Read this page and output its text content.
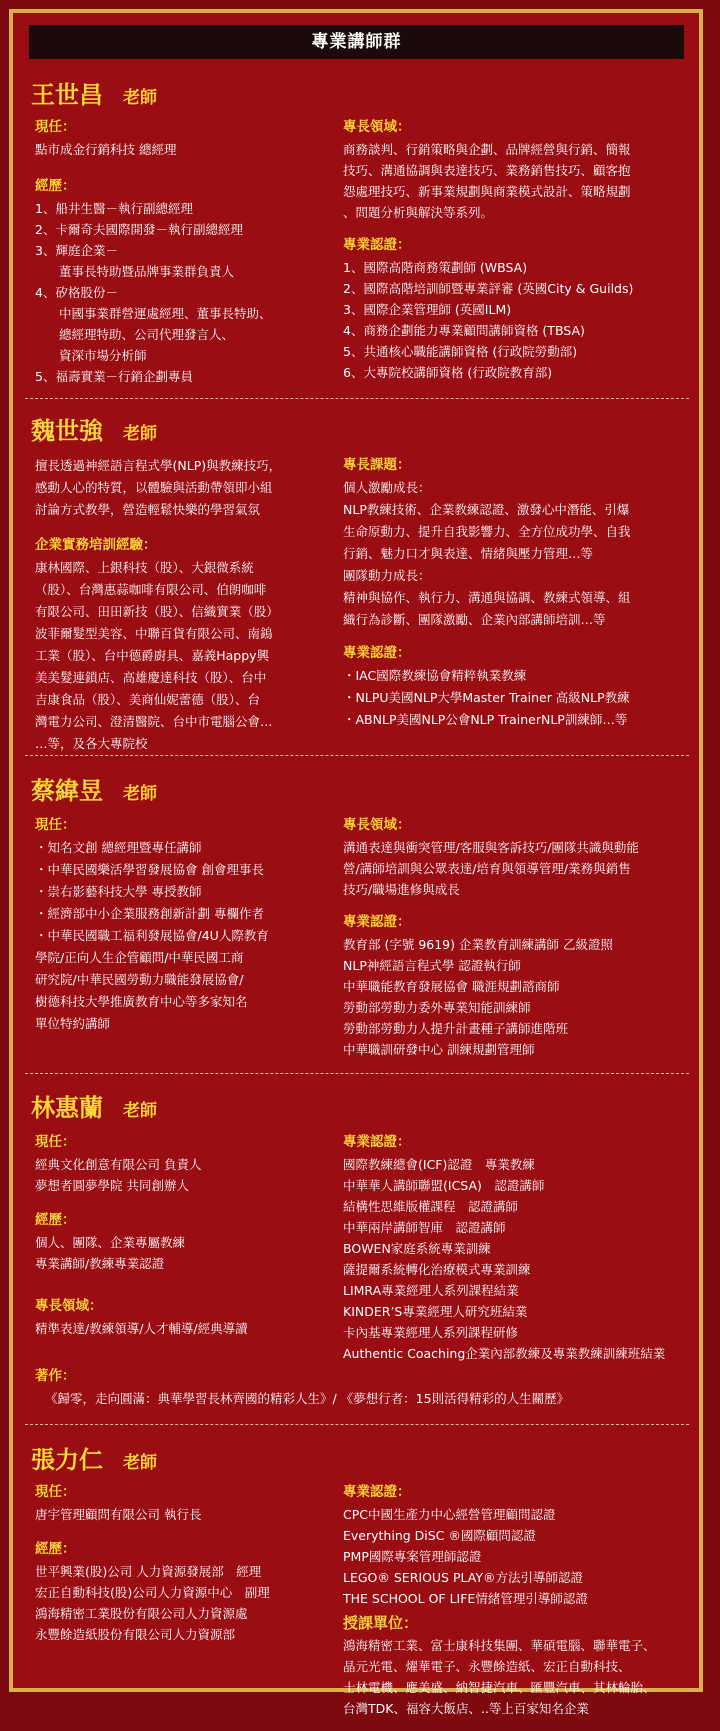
專業講師群
王世昌 老師
現任：
點市成金行銷科技 總經理
經歷：
1、船井生醫－執行副總經理
2、卡爾奇夫國際開發－執行副總經理
3、輝庭企業－
董事長特助暨品牌事業群負責人
4、矽格股份－
中國事業群營運處經理、董事長特助、
總經理特助、公司代理發言人、
資深市場分析師
5、福壽實業－行銷企劃專員
專長領域：
商務談判、行銷策略與企劃、品牌經營與行銷、簡報
技巧、溝通協調與表達技巧、業務銷售技巧、顧客抱
怨處理技巧、新事業規劃與商業模式設計、策略規劃
、問題分析與解決等系列。
專業認證：
1、國際高階商務策劃師 (WBSA)
2、國際高階培訓師暨專業評審 (英國City & Guilds)
3、國際企業管理師 (英國ILM)
4、商務企劃能力專業顧問講師資格 (TBSA)
5、共通核心職能講師資格 (行政院勞動部)
6、大專院校講師資格 (行政院教育部)
魏世強 老師
擅長透過神經語言程式學(NLP)與教練技巧，
感動人心的特質，以體驗與活動帶領即小組
討論方式教學，營造輕鬆快樂的學習氣氛
企業實務培訓經驗：
康林國際、上銀科技（股）、大銀微系統
（股）、台灣惠蒜咖啡有限公司、伯朗咖啡
有限公司、田田新技（股）、信織實業（股）
波菲爾髮型美容、中聯百貨有限公司、南鎢
工業（股）、台中德爵廚具、嘉義Happy興
美美髮連鎖店、高雄慶達科技（股）、台中
吉康食品（股）、美商仙妮蕾德（股）、台
灣電力公司、澄清醫院、台中市電腦公會…
…等，及各大專院校
專長課題：
個人激勵成長：
NLP教練技術、企業教練認證、激發心中潛能、引爆
生命原動力、提升自我影響力、全方位成功學、自我
行銷、魅力口才與表達、情緒與壓力管理…等
團隊動力成長：
精神與協作、執行力、溝通與協調、教練式領導、組
織行為診斷、團隊激勵、企業內部講師培訓…等
專業認證：
・IAC國際教練協會精粹執業教練
・NLPU美國NLP大學Master Trainer 高級NLP教練
・ABNLP美國NLP公會NLP TrainerNLP訓練師…等
蔡緯昱 老師
現任：
・知名文創 總經理暨專任講師
・中華民國樂活學習發展協會 創會理事長
・崇右影藝科技大學 專授教師
・經濟部中小企業服務創新計劃 專欄作者
・中華民國職工福利發展協會/4U人際教育
學院/正向人生企管顧問/中華民國工商
研究院/中華民國勞動力職能發展協會/
樹德科技大學推廣教育中心等多家知名
單位特約講師
專長領域：
溝通表達與衝突管理/客服與客訴技巧/團隊共識與動能
營/講師培訓與公眾表達/培育與領導管理/業務與銷售
技巧/職場進修與成長
專業認證：
教育部 (字號 9619) 企業教育訓練講師 乙級證照
NLP神經語言程式學 認證執行師
中華職能教育發展協會 職涯規劃諮商師
勞動部勞動力委外專業知能訓練師
勞動部勞動力人提升計畫種子講師進階班
中華職訓研發中心 訓練規劃管理師
林惠蘭 老師
現任：
經典文化創意有限公司 負責人
夢想者圓夢學院 共同創辦人
經歷：
個人、團隊、企業專屬教練
專業講師/教練專業認證
專長領域：
精準表達/教練領導/人才輔導/經典導讀
專業認證：
國際教練總會(ICF)認證　專業教練
中華華人講師聯盟(ICSA)　認證講師
結構性思維版權課程　認證講師
中華兩岸講師智庫　認證講師
BOWEN家庭系統專業訓練
薩提爾系統轉化治療模式專業訓練
LIMRA專業經理人系列課程結業
KINDER’S專業經理人研究班結業
卡內基專業經理人系列課程研修
Authentic Coaching企業內部教練及專業教練訓練班結業
著作：
《歸零，走向圓滿：典華學習長林齊國的精彩人生》/ 《夢想行者：15則活得精彩的人生關歷》
張力仁 老師
現任：
唐宇管理顧問有限公司 執行長
經歷：
世平興業(股)公司 人力資源發展部　經理
宏正自動科技(股)公司人力資源中心　副理
鴻海精密工業股份有限公司人力資源處
永豐餘造紙股份有限公司人力資源部
專業認證：
CPC中國生產力中心經營管理顧問認證
Everything DiSC ®國際顧問認證
PMP國際專案管理師認證
LEGO® SERIOUS PLAY®方法引導師認證
THE SCHOOL OF LIFE情緒管理引導師認證
授課單位：
鴻海精密工業、富士康科技集團、華碩電腦、聯華電子、
晶元光電、燿華電子、永豐餘造紙、宏正自動科技、
士林電機、應美盛、納智捷汽車、匯豐汽車、其林輪胎、
台灣TDK、福容大飯店、..等上百家知名企業
